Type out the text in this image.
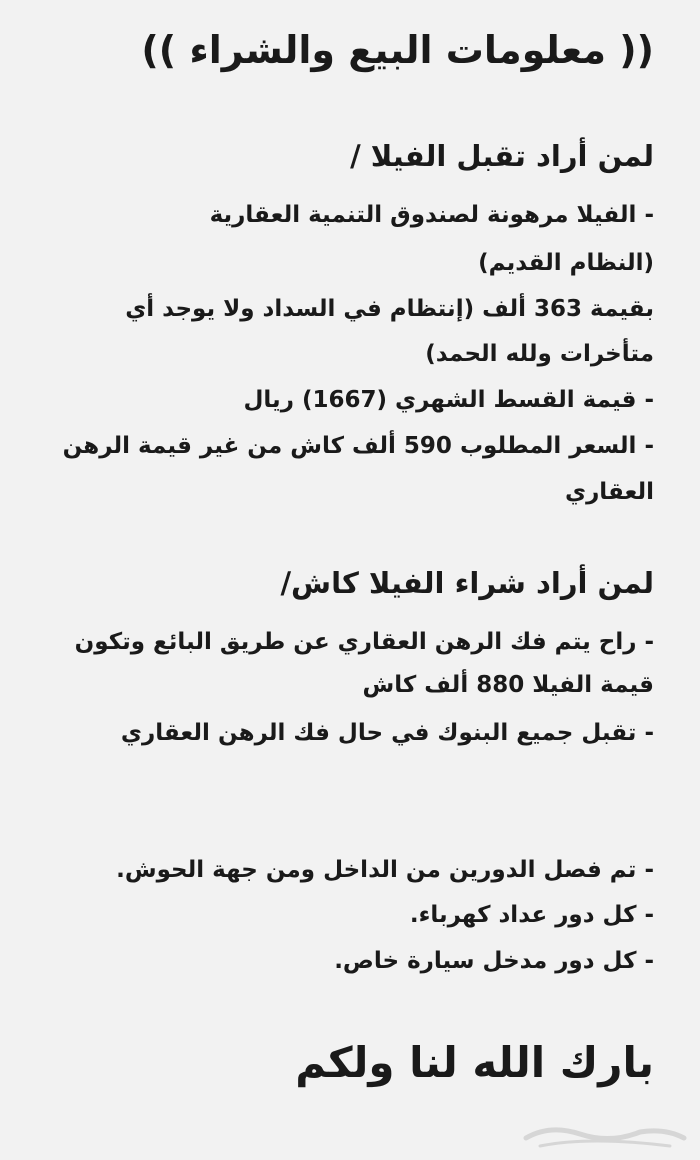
(( معلومات البيع والشراء ))
لمن أراد تقبل الفيلا /

- الفيلا مرهونة لصندوق التنمية العقارية

(النظام القديم)

بقيمة 363 ألف (إنتظام في السداد ولا يوجد أي

متأخرات ولله الحمد)

- قيمة القسط الشهري (1667) ريال

- السعر المطلوب 590 ألف كاش من غير قيمة الرهن

العقاري

لمن أراد شراء الفيلا كاش/

- راح يتم فك الرهن العقاري عن طريق البائع وتكون

قيمة الفيلا 880 ألف كاش

- تقبل جميع البنوك في حال فك الرهن العقاري

- تم فصل الدورين من الداخل ومن جهة الحوش.

- كل دور عداد كهرباء.

- كل دور مدخل سيارة خاص.

بارك الله لنا ولكم
